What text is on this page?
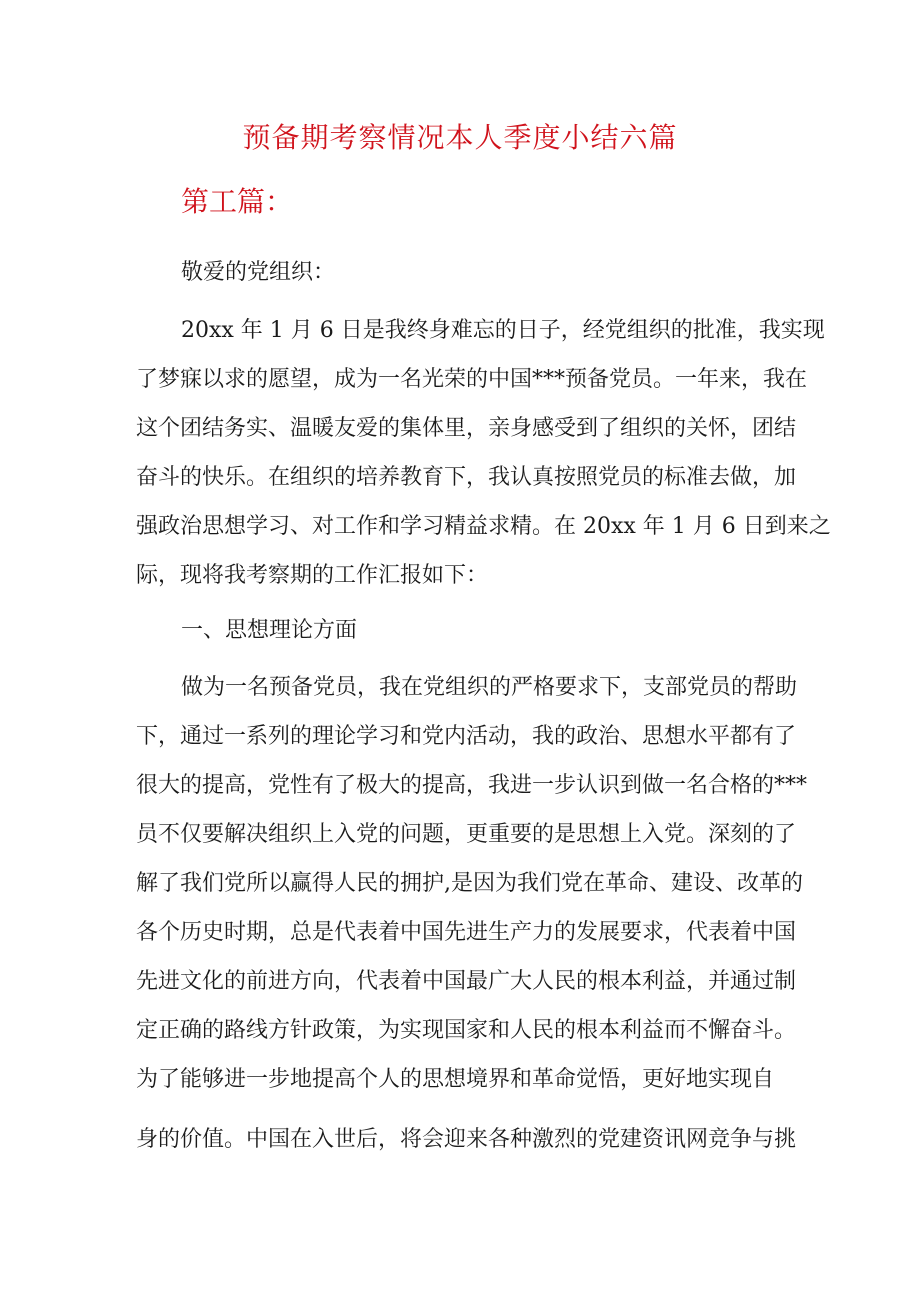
预备期考察情况本人季度小结六篇
第工篇：
敬爱的党组织：
20xx 年 1 月 6 日是我终身难忘的日子，经党组织的批准，我实现
了梦寐以求的愿望，成为一名光荣的中国***预备党员。一年来，我在
这个团结务实、温暖友爱的集体里，亲身感受到了组织的关怀，团结
奋斗的快乐。在组织的培养教育下，我认真按照党员的标准去做，加
强政治思想学习、对工作和学习精益求精。在 20xx 年 1 月 6 日到来之
际，现将我考察期的工作汇报如下：
一、思想理论方面
做为一名预备党员，我在党组织的严格要求下，支部党员的帮助
下，通过一系列的理论学习和党内活动，我的政治、思想水平都有了
很大的提高，党性有了极大的提高，我进一步认识到做一名合格的***
员不仅要解决组织上入党的问题，更重要的是思想上入党。深刻的了
解了我们党所以赢得人民的拥护,是因为我们党在革命、建设、改革的
各个历史时期，总是代表着中国先进生产力的发展要求，代表着中国
先进文化的前进方向，代表着中国最广大人民的根本利益，并通过制
定正确的路线方针政策，为实现国家和人民的根本利益而不懈奋斗。
为了能够进一步地提高个人的思想境界和革命觉悟，更好地实现自
身的价值。中国在入世后，将会迎来各种激烈的党建资讯网竞争与挑
